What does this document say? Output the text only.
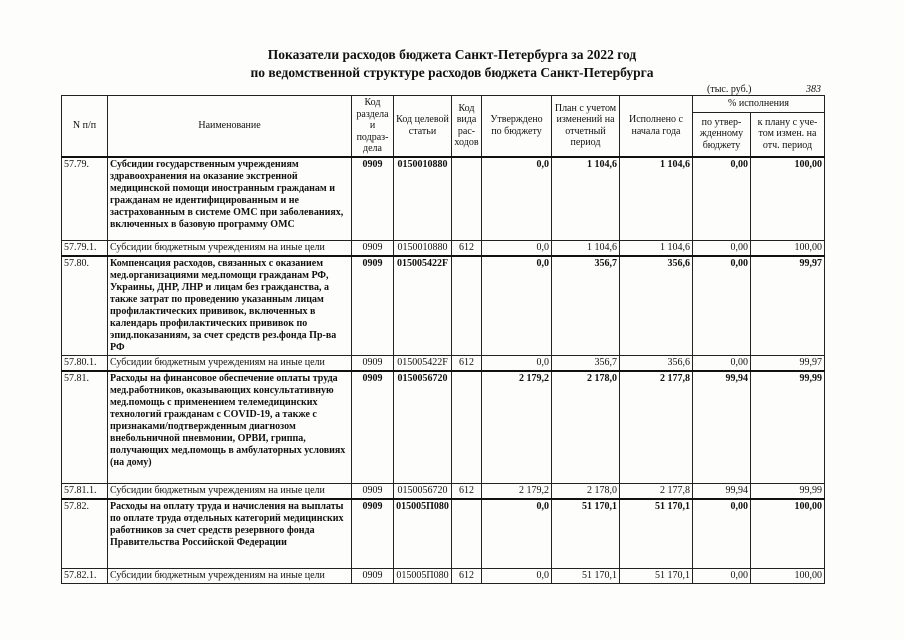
Показатели расходов бюджета Санкт-Петербурга за 2022 год
по ведомственной структуре расходов бюджета Санкт-Петербурга
(тыс. руб.)	383
N п/п	Наименование	Код раздела и подраз-дела	Код целевой статьи	Код вида рас-ходов	Утверждено по бюджету	План с учетом изменений на отчетный период	Исполнено с начала года	% исполнения	
								по утвер-жденному бюджету	к плану с уче-том измен. на отч. период
57.79.	Субсидии государственным учреждениям здравоохранения на оказание экстренной медицинской помощи иностранным гражданам и гражданам не идентифицированным и не застрахованным в системе ОМС при заболеваниях, включенных в базовую программу ОМС	0909	0150010880		0,0	1 104,6	1 104,6	0,00	100,00
57.79.1.	Субсидии бюджетным учреждениям на иные цели	0909	0150010880	612	0,0	1 104,6	1 104,6	0,00	100,00
57.80.	Компенсация расходов, связанных с оказанием мед.организациями мед.помощи гражданам РФ, Украины, ДНР, ЛНР и лицам без гражданства, а также затрат по проведению указанным лицам профилактических прививок, включенных в календарь профилактических прививок по эпид.показаниям, за счет средств рез.фонда Пр-ва РФ	0909	015005422F		0,0	356,7	356,6	0,00	99,97
57.80.1.	Субсидии бюджетным учреждениям на иные цели	0909	015005422F	612	0,0	356,7	356,6	0,00	99,97
57.81.	Расходы на финансовое обеспечение оплаты труда мед.работников, оказывающих консультативную мед.помощь с применением телемедицинских технологий гражданам с COVID-19, а также с признаками/подтвержденным диагнозом внебольничной пневмонии, ОРВИ, гриппа, получающих мед.помощь в амбулаторных условиях (на дому)	0909	0150056720		2 179,2	2 178,0	2 177,8	99,94	99,99
57.81.1.	Субсидии бюджетным учреждениям на иные цели	0909	0150056720	612	2 179,2	2 178,0	2 177,8	99,94	99,99
57.82.	Расходы на оплату труда и начисления на выплаты по оплате труда отдельных категорий медицинских работников за счет средств резервного фонда Правительства Российской Федерации	0909	015005П080		0,0	51 170,1	51 170,1	0,00	100,00
57.82.1.	Субсидии бюджетным учреждениям на иные цели	0909	015005П080	612	0,0	51 170,1	51 170,1	0,00	100,00
